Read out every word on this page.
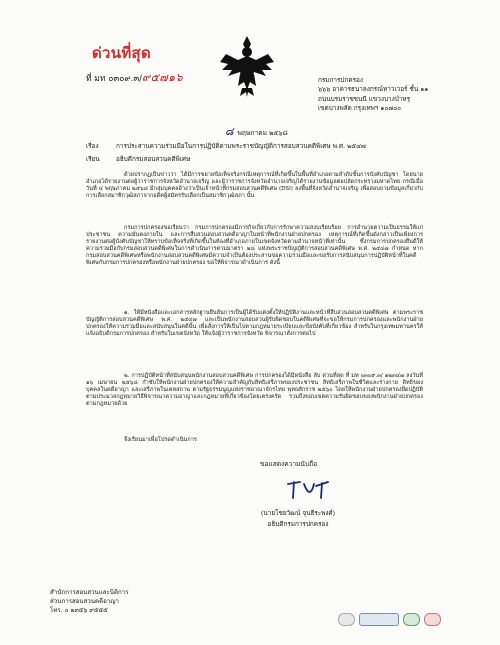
ด่วนที่สุด
ที่ มท ๐๓๐๙.๓/๙๕๗๑๖	กรมการปกครอง
๖๖๖ อาคารธนาลงกรณ์ทาวเวอร์ ชั้น ๑๑
ถนนบรมราชชนนี แขวงบางบำหรุ
เขตบางพลัด กรุงเทพฯ ๑๐๗๐๐
๘ พฤษภาคม ๒๕๖๘
เรื่อง	การประสานความร่วมมือในการปฏิบัติตามพระราชบัญญัติการสอบสวนคดีพิเศษ พ.ศ. ๒๕๔๗
เรียน	อธิบดีกรมสอบสวนคดีพิเศษ
ด้วยปรากฏเป็นข่าวว่า ได้มีการขยายข้อเท็จจริงกรณีเหตุการณ์ที่เกิดขึ้นในพื้นที่อำเภอตามลำดับขั้นการบังคับบัญชา โดยนายอำเภอได้รายงานต่อผู้ว่าราชการจังหวัดอำนาจเจริญ และผู้ว่าราชการจังหวัดอำนาจเจริญได้รายงานข้อมูลต่อปลัดกระทรวงมหาดไทย กรณีเมื่อวันที่ ๔ พฤษภาคม ๒๕๖๘ มีกลุ่มบุคคลอ้างว่าเป็นเจ้าหน้าที่กรมสอบสวนคดีพิเศษ (DSI) ลงพื้นที่จังหวัดอำนาจเจริญ เพื่อสอบถามข้อมูลเกี่ยวกับการเลือกสมาชิกวุฒิสภาจากอดีตผู้สมัครรับเลือกเป็นสมาชิกวุฒิสภา นั้น
กรมการปกครองขอเรียนว่า กรมการปกครองมีภารกิจเกี่ยวกับการรักษาความสงบเรียบร้อย การอำนวยความเป็นธรรมให้แก่ประชาชน ความมั่นคงภายใน และการสืบสวนสอบสวนคดีอาญาในหน้าที่พนักงานฝ่ายปกครอง เหตุการณ์ที่เกิดขึ้นดังกล่าวเป็นเพียงการรายงานต่อผู้บังคับบัญชาให้ทราบข้อเท็จจริงที่เกิดขึ้นในท้องที่อำเภอภายในเขตจังหวัดตามอำนาจหน้าที่เท่านั้น ซึ่งกรมการปกครองยืนดีให้ความร่วมมือกับกรมสอบสวนคดีพิเศษในการดำเนินการตามมาตรา ๒๘ แห่งพระราชบัญญัติการสอบสวนคดีพิเศษ พ.ศ. ๒๕๔๗ กำหนด หากกรมสอบสวนคดีพิเศษหรือพนักงานสอบสวนคดีพิเศษมีความจำเป็นต้องประสานขอความร่วมมือและขอรับการสนับสนุนการปฏิบัติหน้าที่ในคดีพิเศษกับกรมการปกครองหรือพนักงานฝ่ายปกครอง ขอให้พิจารณาดำเนินการ ดังนี้
๑. ให้มีหนังสือและเอกสารหลักฐานยืนยันการเป็นผู้ได้รับแต่งตั้งให้ปฏิบัติงานและหน้าที่สืบสวนสอบสวนคดีพิเศษ ตามพระราชบัญญัติการสอบสวนคดีพิเศษ พ.ศ. ๒๕๔๗ และเป็นพนักงานสอบสวนผู้รับผิดชอบในคดีพิเศษที่จะขอให้กรมการปกครองและพนักงานฝ่ายปกครองให้ความร่วมมือและสนับสนุนในคดีนั้น เพื่อสั่งการให้เป็นไปตามกฎหมายระเบียบและข้อบังคับที่เกี่ยวข้อง สำหรับในกรุงเทพมหานครให้แจ้งอธิบดีกรมการปกครอง สำหรับในเขตจังหวัด ให้แจ้งผู้ว่าราชการจังหวัด พิจารณาสั่งการต่อไป
๒. การปฏิบัติหน้าที่สนับสนุนพนักงานสอบสวนคดีพิเศษ การปกครองได้มีหนังสือ ลับ ด่วนที่สุด ที่ มท ๐๓๐๙.๓/ ๑๒๓๔๗ ลงวันที่ ๑๖ เมษายน ๒๕๖๘ กำชับให้พนักงานฝ่ายปกครองให้ความสำคัญกับสิทธิเสรีภาพของประชาชน สิทธิเสรีภาพในชีวิตและร่างกาย สิทธิของบุคคลในคดีอาญา และเสรีภาพในเคหสถาน ตามรัฐธรรมนูญแห่งราชอาณาจักรไทย พุทธศักราช ๒๕๖๐ โดยให้พนักงานฝ่ายปกครองยึดปฏิบัติตามประมวลกฎหมายวิธีพิจารณาความอาญาและกฎหมายที่เกี่ยวข้องโดยเคร่งครัด รวมถึงขอบเขตความรับผิดชอบของพนักงานฝ่ายปกครองตามกฎหมายด้วย
จึงเรียนมาเพื่อโปรดดำเนินการ
ขอแสดงความนับถือ
(นายโชยวัฒน์ จุนธีระพงศ์)
อธิบดีกรมการปกครอง
สำนักการสอบสวนและนิติการ
ส่วนการสอบสวนคดีอาญา
โทร. ๐ ๒๓๕๖ ๙๕๕๕
